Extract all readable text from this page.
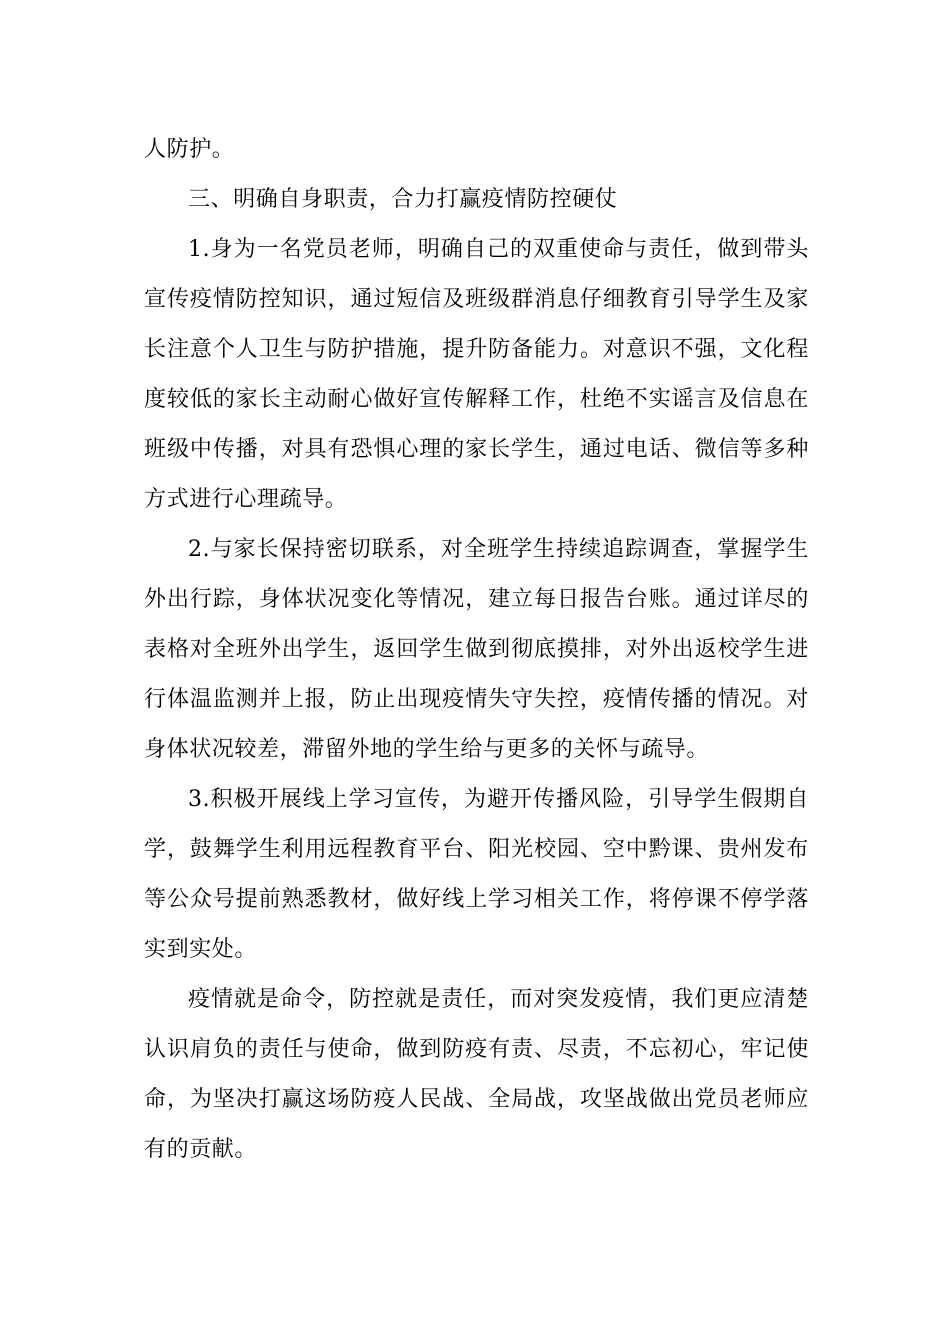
人防护。
三、明确自身职责，合力打赢疫情防控硬仗
1.身为一名党员老师，明确自己的双重使命与责任，做到带头
宣传疫情防控知识，通过短信及班级群消息仔细教育引导学生及家
长注意个人卫生与防护措施，提升防备能力。对意识不强，文化程
度较低的家长主动耐心做好宣传解释工作，杜绝不实谣言及信息在
班级中传播，对具有恐惧心理的家长学生，通过电话、微信等多种
方式进行心理疏导。
2.与家长保持密切联系，对全班学生持续追踪调查，掌握学生
外出行踪，身体状况变化等情况，建立每日报告台账。通过详尽的
表格对全班外出学生，返回学生做到彻底摸排，对外出返校学生进
行体温监测并上报，防止出现疫情失守失控，疫情传播的情况。对
身体状况较差，滞留外地的学生给与更多的关怀与疏导。
3.积极开展线上学习宣传，为避开传播风险，引导学生假期自
学，鼓舞学生利用远程教育平台、阳光校园、空中黔课、贵州发布
等公众号提前熟悉教材，做好线上学习相关工作，将停课不停学落
实到实处。
疫情就是命令，防控就是责任，而对突发疫情，我们更应清楚
认识肩负的责任与使命，做到防疫有责、尽责，不忘初心，牢记使
命，为坚决打赢这场防疫人民战、全局战，攻坚战做出党员老师应
有的贡献。
